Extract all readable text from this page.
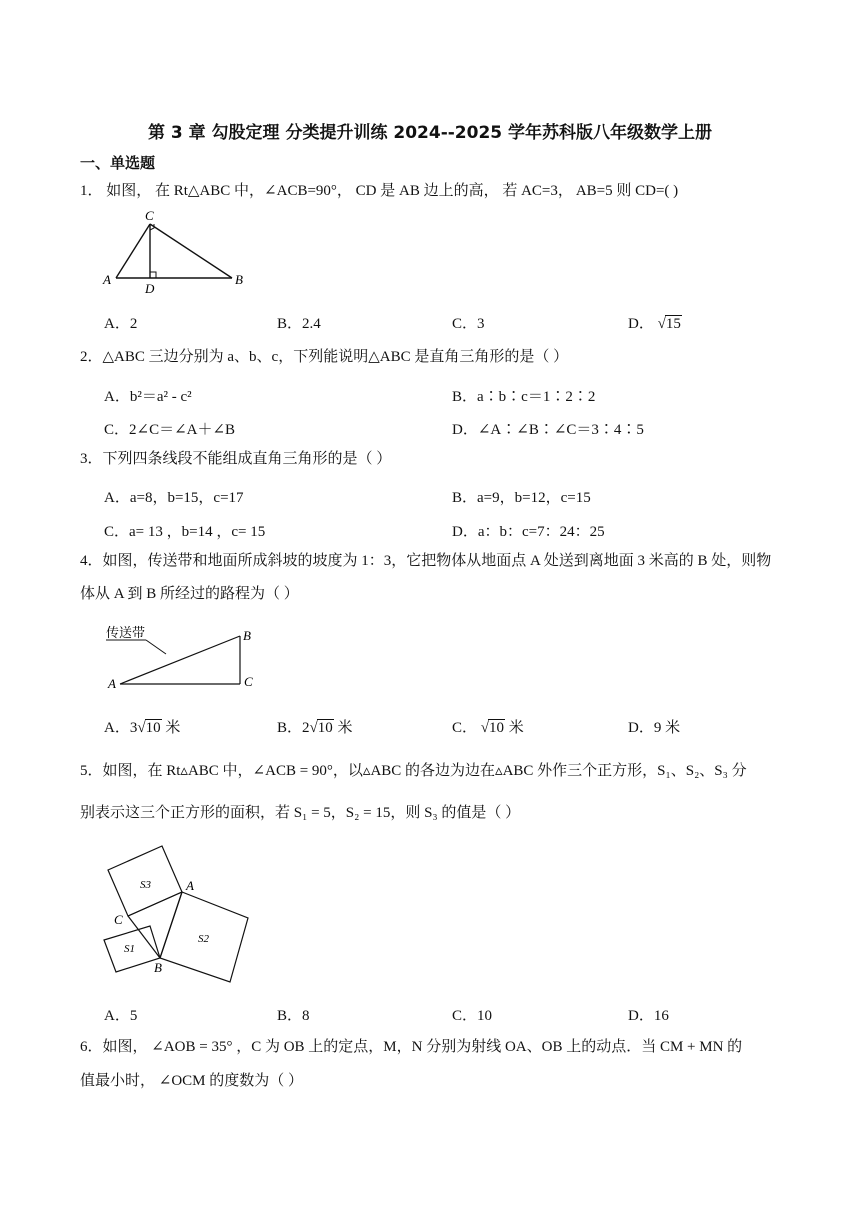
第 3 章 勾股定理 分类提升训练 2024--2025 学年苏科版八年级数学上册
一、单选题
1． 如图， 在 Rt△ABC 中，∠ACB=90°， CD 是 AB 边上的高， 若 AC=3， AB=5 则 CD=( )
C
A
D
B
A．2	B．2.4	C．3	D． √15
2．△ABC 三边分别为 a、b、c，下列能说明△ABC 是直角三角形的是（ ）
A．b²＝a² - c²	B．a∶b∶c＝1∶2∶2
C．2∠C＝∠A＋∠B	D．∠A∶∠B∶∠C＝3∶4∶5
3．下列四条线段不能组成直角三角形的是（ ）
A．a=8，b=15，c=17	B．a=9，b=12，c=15
C．a= 13 ，b=14 ，c= 15	D．a：b：c=7：24：25
4．如图，传送带和地面所成斜坡的坡度为 1：3，它把物体从地面点 A 处送到离地面 3 米高的 B 处，则物
体从 A 到 B 所经过的路程为（ ）
传送带	B
A	C
A．3√10 米	B．2√10 米	C． √10 米	D．9 米
5．如图，在 Rt▵ABC 中，∠ACB = 90°，以▵ABC 的各边为边在▵ABC 外作三个正方形，S₁、S₂、S₃ 分
别表示这三个正方形的面积，若 S₁ = 5，S₂ = 15，则 S₃ 的值是（ ）
S3	A
C
S2
S1
B
A．5	B．8	C．10	D．16
6．如图， ∠AOB = 35° ，C 为 OB 上的定点，M，N 分别为射线 OA、OB 上的动点．当 CM + MN 的
值最小时， ∠OCM 的度数为（ ）
